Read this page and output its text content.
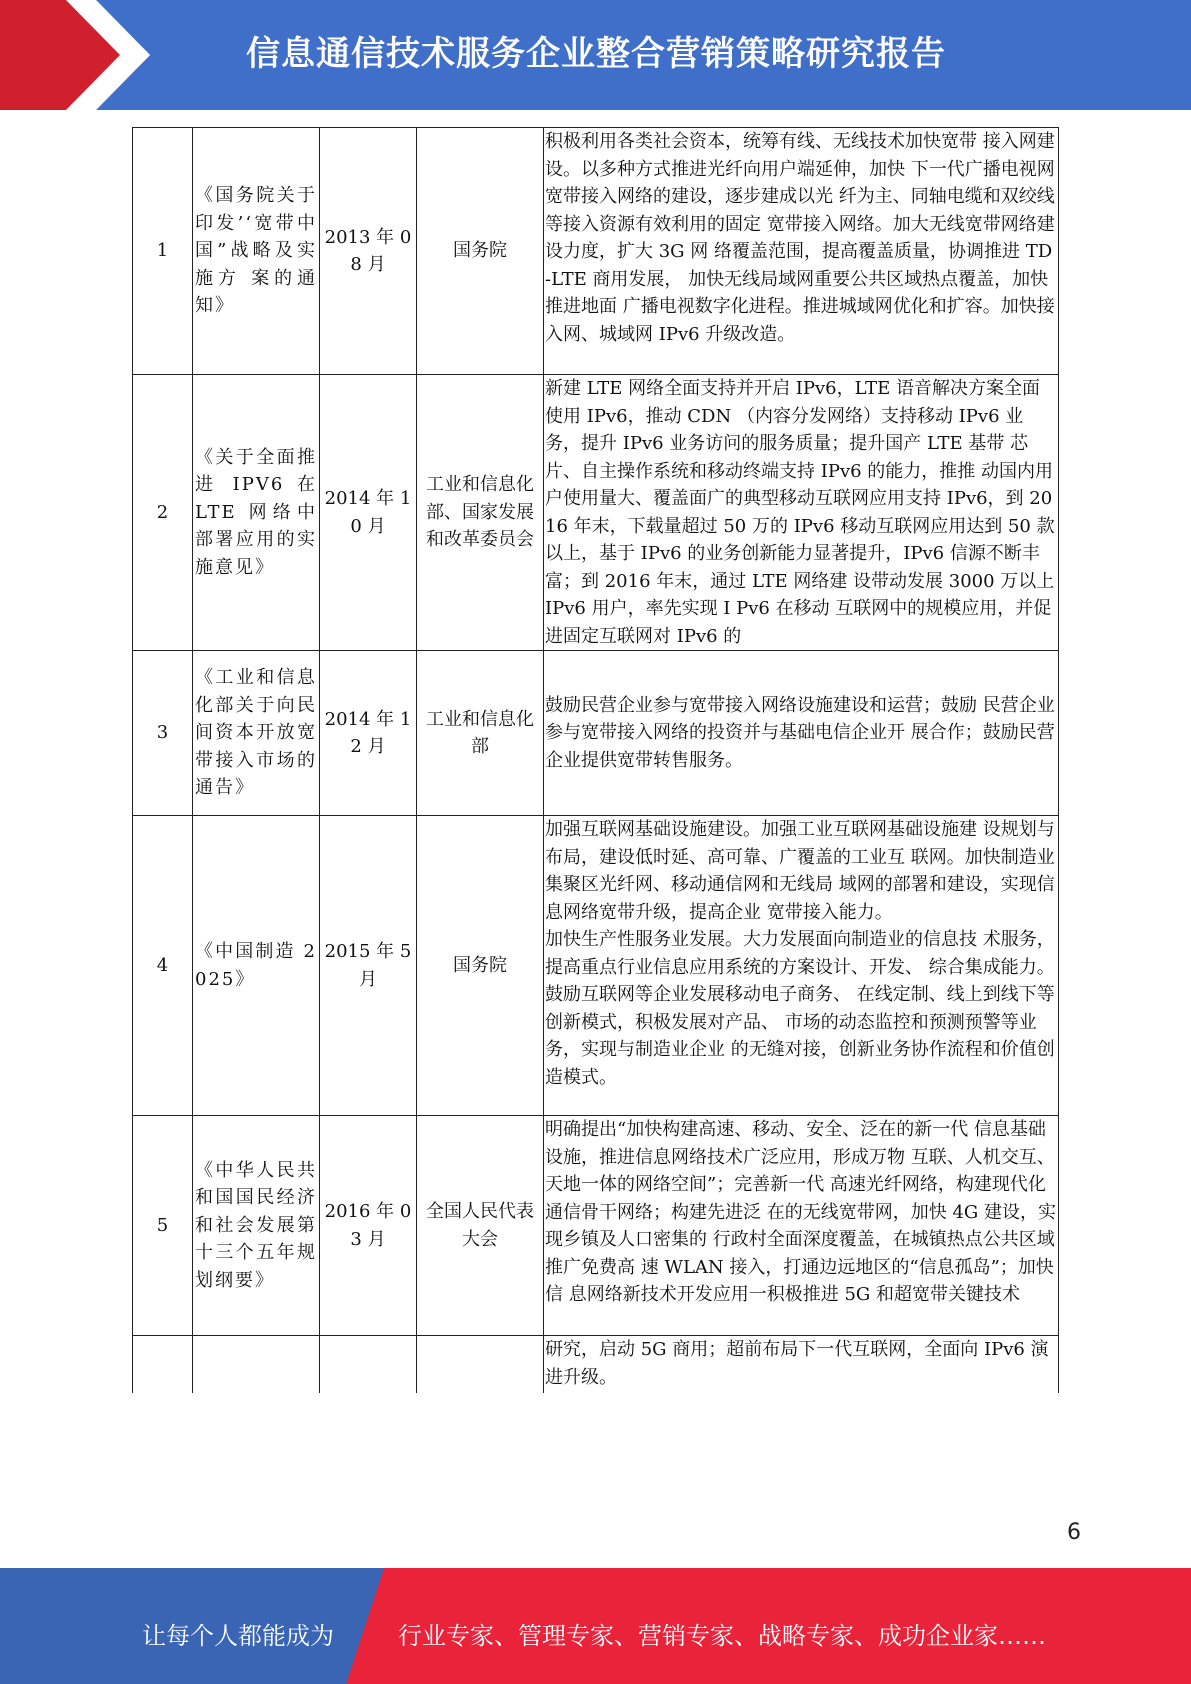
信息通信技术服务企业整合营销策略研究报告
1	《国务院关于印发’‘宽带中国”战略及实施方 案的通知》	2013 年 08 月	国务院	积极利用各类社会资本，统筹有线、无线技术加快宽带 接入网建设。以多种方式推进光纤向用户端延伸，加快 下一代广播电视网宽带接入网络的建设，逐步建成以光 纤为主、同轴电缆和双绞线等接入资源有效利用的固定 宽带接入网络。加大无线宽带网络建设力度，扩大 3G 网 络覆盖范围，提高覆盖质量，协调推进 TD-LTE 商用发展， 加快无线局域网重要公共区域热点覆盖，加快推进地面 广播电视数字化进程。推进城域网优化和扩容。加快接 入网、城域网 IPv6 升级改造。
2	《关于全面推进 IPV6 在 LTE 网络中部署应用的实施意见》	2014 年 10 月	工业和信息化部、国家发展和改革委员会	新建 LTE 网络全面支持并开启 IPv6，LTE 语音解决方案全面使用 IPv6，推动 CDN （内容分发网络）支持移动 IPv6 业务，提升 IPv6 业务访问的服务质量；提升国产 LTE 基带 芯片、自主操作系统和移动终端支持 IPv6 的能力，推推 动国内用户使用量大、覆盖面广的典型移动互联网应用支持 IPv6，到 2016 年末，下载量超过 50 万的 IPv6 移动互联网应用达到 50 款以上，基于 IPv6 的业务创新能力显著提升，IPv6 信源不断丰富；到 2016 年末，通过 LTE 网络建 设带动发展 3000 万以上 IPv6 用户，率先实现 I Pv6 在移动 互联网中的规模应用，并促进固定互联网对 IPv6 的
3	《工业和信息化部关于向民间资本开放宽带接入市场的 通告》	2014 年 12 月	工业和信息化部	鼓励民营企业参与宽带接入网络设施建设和运营；鼓励 民营企业参与宽带接入网络的投资并与基础电信企业开 展合作；鼓励民营企业提供宽带转售服务。
4	《中国制造 2025》	2015 年 5 月	国务院	加强互联网基础设施建设。加强工业互联网基础设施建 设规划与布局，建设低时延、高可靠、广覆盖的工业互 联网。加快制造业集聚区光纤网、移动通信网和无线局 域网的部署和建设，实现信息网络宽带升级，提高企业 宽带接入能力。
加快生产性服务业发展。大力发展面向制造业的信息技 术服务，提高重点行业信息应用系统的方案设计、开发、 综合集成能力。鼓励互联网等企业发展移动电子商务、 在线定制、线上到线下等创新模式，积极发展对产品、 市场的动态监控和预测预警等业务，实现与制造业企业 的无缝对接，创新业务协作流程和价值创造模式。
5	《中华人民共和国国民经济和社会发展第十三个五年规划纲要》	2016 年 03 月	全国人民代表大会	明确提出“加快构建高速、移动、安全、泛在的新一代 信息基础设施，推进信息网络技术广泛应用，形成万物 互联、人机交互、天地一体的网络空间”；完善新一代 高速光纤网络，构建现代化通信骨干网络；构建先进泛 在的无线宽带网，加快 4G 建设，实现乡镇及人口密集的 行政村全面深度覆盖，在城镇热点公共区域推广免费高 速 WLAN 接入，打通边远地区的“信息孤岛”；加快信 息网络新技术开发应用一积极推进 5G 和超宽带关键技术
				研究，启动 5G 商用；超前布局下一代互联网，全面向 IPv6 演进升级。
6
让每个人都能成为	行业专家、管理专家、营销专家、战略专家、成功企业家……
